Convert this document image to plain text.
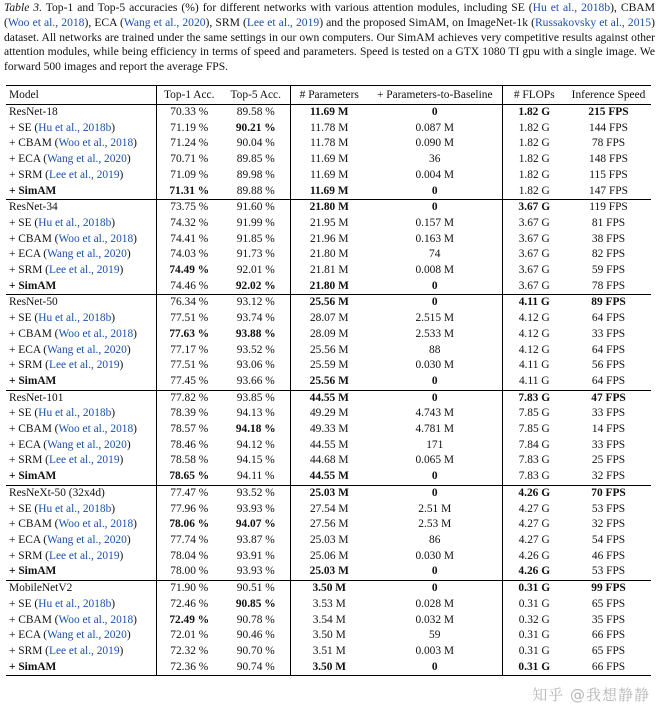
Table 3. Top-1 and Top-5 accuracies (%) for different networks with various attention modules, including SE (Hu et al., 2018b), CBAM (Woo et al., 2018), ECA (Wang et al., 2020), SRM (Lee et al., 2019) and the proposed SimAM, on ImageNet-1k (Russakovsky et al., 2015) dataset. All networks are trained under the same settings in our own computers. Our SimAM achieves very competitive results against other attention modules, while being efficiency in terms of speed and parameters. Speed is tested on a GTX 1080 TI gpu with a single image. We forward 500 images and report the average FPS.
Model	Top-1 Acc.	Top-5 Acc.	# Parameters	+ Parameters-to-Baseline	# FLOPs	Inference Speed
ResNet-18	70.33 %	89.58 %	11.69 M	0	1.82 G	215 FPS
+ SE (Hu et al., 2018b)	71.19 %	90.21 %	11.78 M	0.087 M	1.82 G	144 FPS
+ CBAM (Woo et al., 2018)	71.24 %	90.04 %	11.78 M	0.090 M	1.82 G	78 FPS
+ ECA (Wang et al., 2020)	70.71 %	89.85 %	11.69 M	36	1.82 G	148 FPS
+ SRM (Lee et al., 2019)	71.09 %	89.98 %	11.69 M	0.004 M	1.82 G	115 FPS
+ SimAM	71.31 %	89.88 %	11.69 M	0	1.82 G	147 FPS
ResNet-34	73.75 %	91.60 %	21.80 M	0	3.67 G	119 FPS
+ SE (Hu et al., 2018b)	74.32 %	91.99 %	21.95 M	0.157 M	3.67 G	81 FPS
+ CBAM (Woo et al., 2018)	74.41 %	91.85 %	21.96 M	0.163 M	3.67 G	38 FPS
+ ECA (Wang et al., 2020)	74.03 %	91.73 %	21.80 M	74	3.67 G	82 FPS
+ SRM (Lee et al., 2019)	74.49 %	92.01 %	21.81 M	0.008 M	3.67 G	59 FPS
+ SimAM	74.46 %	92.02 %	21.80 M	0	3.67 G	78 FPS
ResNet-50	76.34 %	93.12 %	25.56 M	0	4.11 G	89 FPS
+ SE (Hu et al., 2018b)	77.51 %	93.74 %	28.07 M	2.515 M	4.12 G	64 FPS
+ CBAM (Woo et al., 2018)	77.63 %	93.88 %	28.09 M	2.533 M	4.12 G	33 FPS
+ ECA (Wang et al., 2020)	77.17 %	93.52 %	25.56 M	88	4.12 G	64 FPS
+ SRM (Lee et al., 2019)	77.51 %	93.06 %	25.59 M	0.030 M	4.11 G	56 FPS
+ SimAM	77.45 %	93.66 %	25.56 M	0	4.11 G	64 FPS
ResNet-101	77.82 %	93.85 %	44.55 M	0	7.83 G	47 FPS
+ SE (Hu et al., 2018b)	78.39 %	94.13 %	49.29 M	4.743 M	7.85 G	33 FPS
+ CBAM (Woo et al., 2018)	78.57 %	94.18 %	49.33 M	4.781 M	7.85 G	14 FPS
+ ECA (Wang et al., 2020)	78.46 %	94.12 %	44.55 M	171	7.84 G	33 FPS
+ SRM (Lee et al., 2019)	78.58 %	94.15 %	44.68 M	0.065 M	7.83 G	25 FPS
+ SimAM	78.65 %	94.11 %	44.55 M	0	7.83 G	32 FPS
ResNeXt-50 (32x4d)	77.47 %	93.52 %	25.03 M	0	4.26 G	70 FPS
+ SE (Hu et al., 2018b)	77.96 %	93.93 %	27.54 M	2.51 M	4.27 G	53 FPS
+ CBAM (Woo et al., 2018)	78.06 %	94.07 %	27.56 M	2.53 M	4.27 G	32 FPS
+ ECA (Wang et al., 2020)	77.74 %	93.87 %	25.03 M	86	4.27 G	54 FPS
+ SRM (Lee et al., 2019)	78.04 %	93.91 %	25.06 M	0.030 M	4.26 G	46 FPS
+ SimAM	78.00 %	93.93 %	25.03 M	0	4.26 G	53 FPS
MobileNetV2	71.90 %	90.51 %	3.50 M	0	0.31 G	99 FPS
+ SE (Hu et al., 2018b)	72.46 %	90.85 %	3.53 M	0.028 M	0.31 G	65 FPS
+ CBAM (Woo et al., 2018)	72.49 %	90.78 %	3.54 M	0.032 M	0.32 G	35 FPS
+ ECA (Wang et al., 2020)	72.01 %	90.46 %	3.50 M	59	0.31 G	66 FPS
+ SRM (Lee et al., 2019)	72.32 %	90.70 %	3.51 M	0.003 M	0.31 G	65 FPS
+ SimAM	72.36 %	90.74 %	3.50 M	0	0.31 G	66 FPS
知乎 @我想静静
